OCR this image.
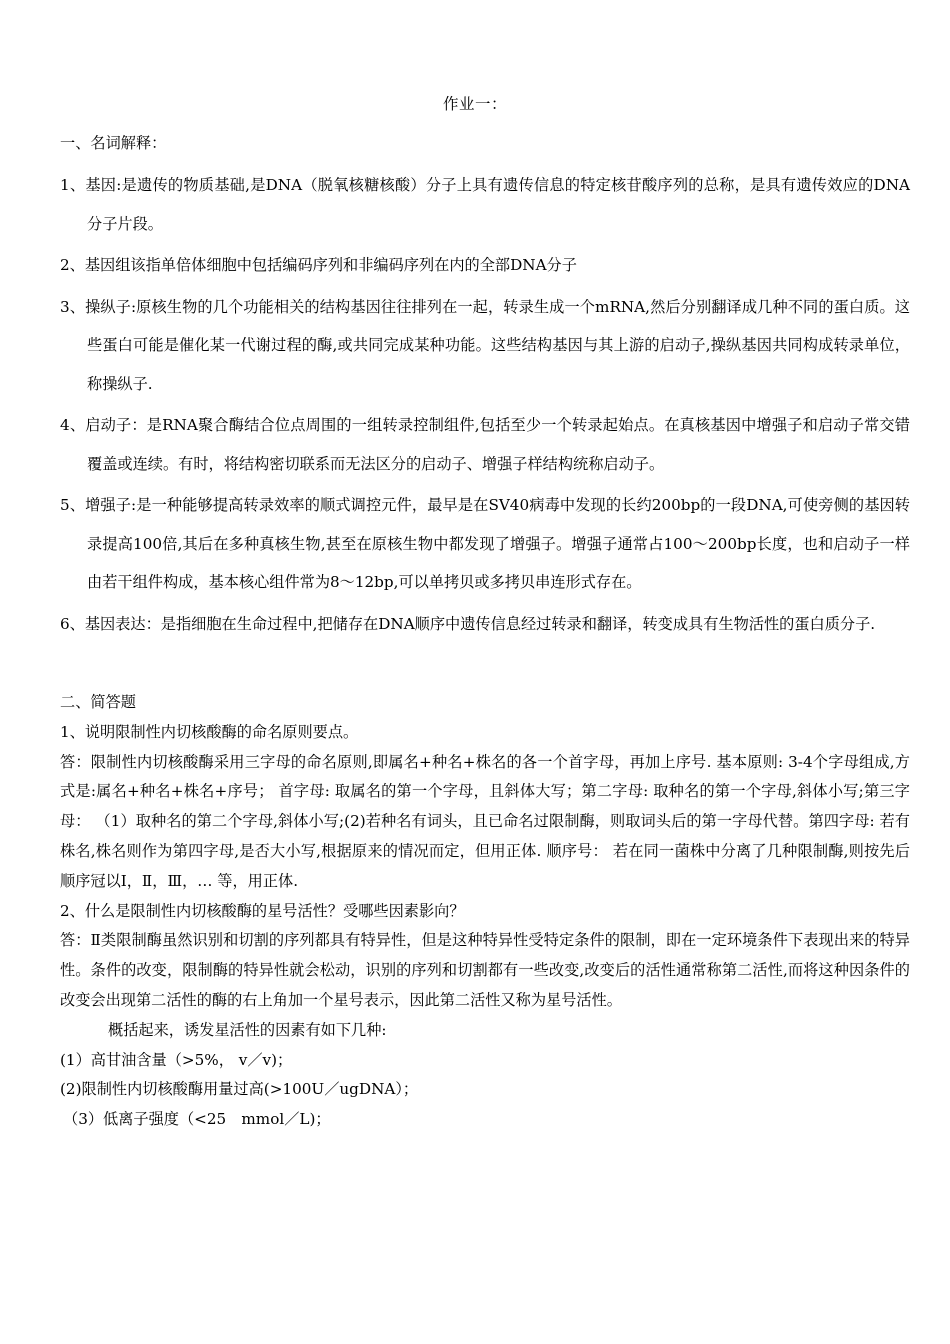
作业一：
一、名词解释：

1、基因:是遗传的物质基础,是DNA（脱氧核糖核酸）分子上具有遗传信息的特定核苷酸序列的总称，是具有遗传效应的DNA分子片段。

2、基因组该指单倍体细胞中包括编码序列和非编码序列在内的全部DNA分子

3、操纵子:原核生物的几个功能相关的结构基因往往排列在一起，转录生成一个mRNA,然后分别翻译成几种不同的蛋白质。这些蛋白可能是催化某一代谢过程的酶,或共同完成某种功能。这些结构基因与其上游的启动子,操纵基因共同构成转录单位，称操纵子.

4、启动子：是RNA聚合酶结合位点周围的一组转录控制组件,包括至少一个转录起始点。在真核基因中增强子和启动子常交错覆盖或连续。有时，将结构密切联系而无法区分的启动子、增强子样结构统称启动子。

5、增强子:是一种能够提高转录效率的顺式调控元件，最早是在SV40病毒中发现的长约200bp的一段DNA,可使旁侧的基因转录提高100倍,其后在多种真核生物,甚至在原核生物中都发现了增强子。增强子通常占100～200bp长度，也和启动子一样由若干组件构成，基本核心组件常为8～12bp,可以单拷贝或多拷贝串连形式存在。

6、基因表达：是指细胞在生命过程中,把储存在DNA顺序中遗传信息经过转录和翻译，转变成具有生物活性的蛋白质分子.

二、简答题

1、说明限制性内切核酸酶的命名原则要点。

答：限制性内切核酸酶采用三字母的命名原则,即属名+种名+株名的各一个首字母，再加上序号. 基本原则: 3-4个字母组成,方式是:属名+种名+株名+序号； 首字母: 取属名的第一个字母，且斜体大写；第二字母: 取种名的第一个字母,斜体小写;第三字母： （1）取种名的第二个字母,斜体小写;(2)若种名有词头，且已命名过限制酶，则取词头后的第一字母代替。第四字母: 若有株名,株名则作为第四字母,是否大小写,根据原来的情况而定，但用正体. 顺序号： 若在同一菌株中分离了几种限制酶,则按先后顺序冠以Ⅰ，Ⅱ，Ⅲ，… 等，用正体.

2、什么是限制性内切核酸酶的星号活性？受哪些因素影向？

答：Ⅱ类限制酶虽然识别和切割的序列都具有特异性，但是这种特异性受特定条件的限制，即在一定环境条件下表现出来的特异性。条件的改变，限制酶的特异性就会松动，识别的序列和切割都有一些改变,改变后的活性通常称第二活性,而将这种因条件的改变会出现第二活性的酶的右上角加一个星号表示，因此第二活性又称为星号活性。

概括起来，诱发星活性的因素有如下几种:

(1）高甘油含量（>5%， v／v)；

(2)限制性内切核酸酶用量过高(>100U／ugDNA）；

（3）低离子强度（<25　mmol／L)；
